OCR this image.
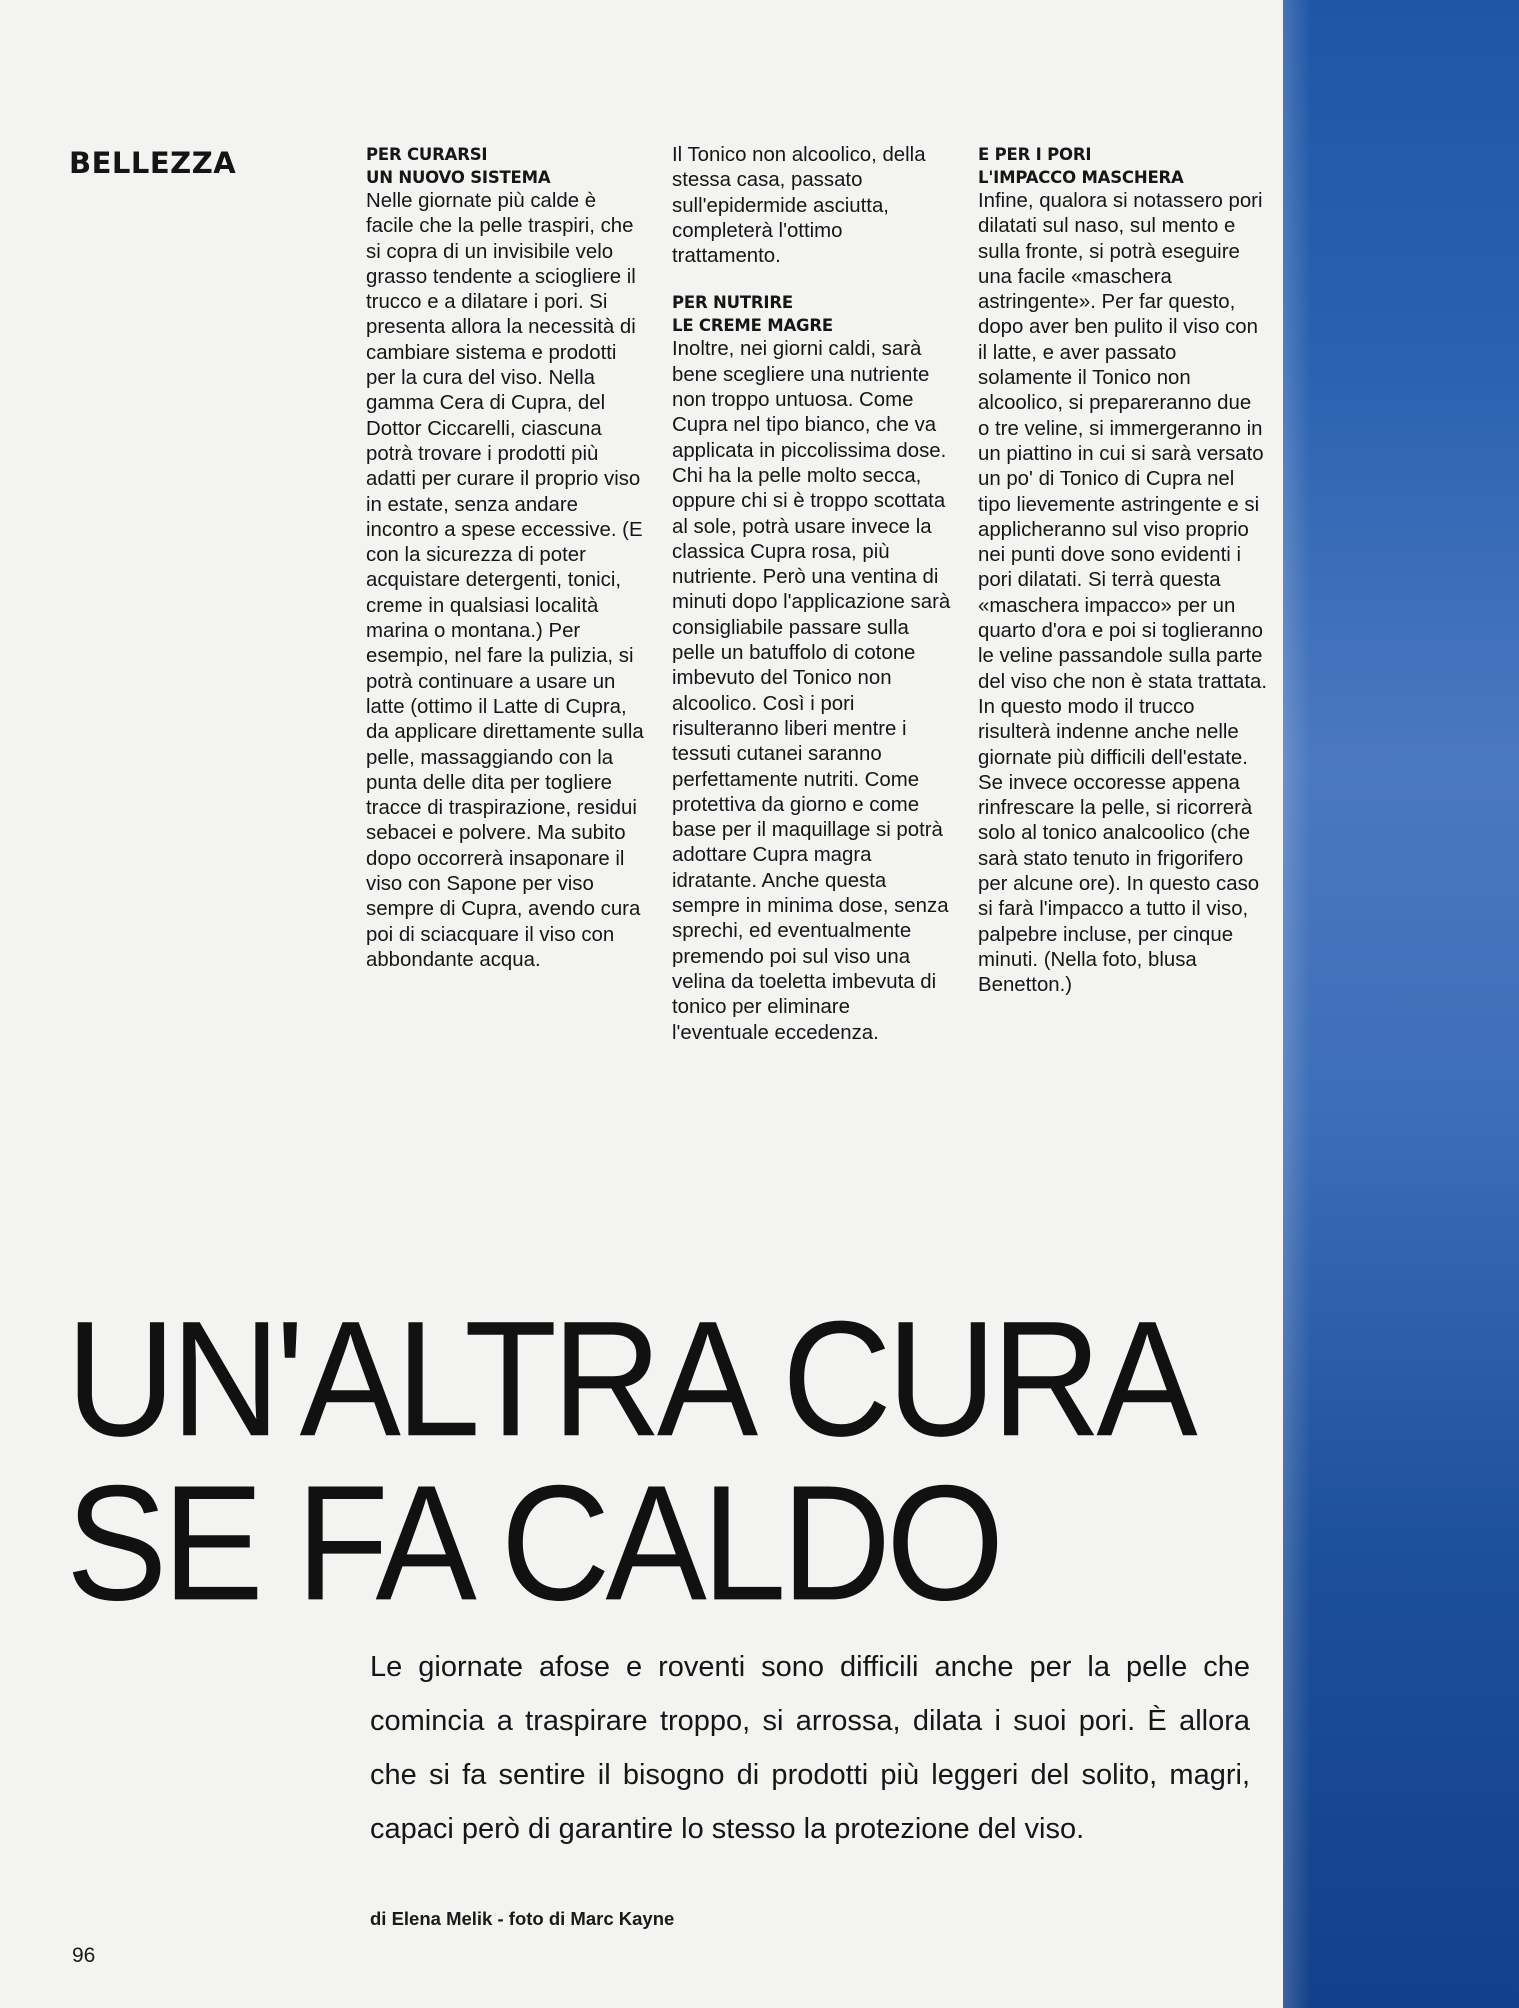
BELLEZZA	PER CURARSI
UN NUOVO SISTEMA

Nelle giornate più calde è facile che la pelle traspiri, che si copra di un invisibile velo grasso tendente a sciogliere il trucco e a dilatare i pori. Si presenta allora la necessità di cambiare sistema e prodotti per la cura del viso. Nella gamma Cera di Cupra, del Dottor Ciccarelli, ciascuna potrà trovare i prodotti più adatti per curare il proprio viso in estate, senza andare incontro a spese eccessive. (E con la sicurezza di poter acquistare detergenti, tonici, creme in qualsiasi località marina o montana.) Per esempio, nel fare la pulizia, si potrà continuare a usare un latte (ottimo il Latte di Cupra, da applicare direttamente sulla pelle, massaggiando con la punta delle dita per togliere tracce di traspirazione, residui sebacei e polvere. Ma subito dopo occorrerà insaponare il viso con Sapone per viso sempre di Cupra, avendo cura poi di sciacquare il viso con abbondante acqua.

Il Tonico non alcoolico, della stessa casa, passato sull'epidermide asciutta, completerà l'ottimo trattamento.

PER NUTRIRE
LE CREME MAGRE

Inoltre, nei giorni caldi, sarà bene scegliere una nutriente non troppo untuosa. Come Cupra nel tipo bianco, che va applicata in piccolissima dose. Chi ha la pelle molto secca, oppure chi si è troppo scottata al sole, potrà usare invece la classica Cupra rosa, più nutriente. Però una ventina di minuti dopo l'applicazione sarà consigliabile passare sulla pelle un batuffolo di cotone imbevuto del Tonico non alcoolico. Così i pori risulteranno liberi mentre i tessuti cutanei saranno perfettamente nutriti. Come protettiva da giorno e come base per il maquillage si potrà adottare Cupra magra idratante. Anche questa sempre in minima dose, senza sprechi, ed eventualmente premendo poi sul viso una velina da toeletta imbevuta di tonico per eliminare l'eventuale eccedenza.

E PER I PORI
L'IMPACCO MASCHERA

Infine, qualora si notassero pori dilatati sul naso, sul mento e sulla fronte, si potrà eseguire una facile «maschera astringente». Per far questo, dopo aver ben pulito il viso con il latte, e aver passato solamente il Tonico non alcoolico, si prepareranno due o tre veline, si immergeranno in un piattino in cui si sarà versato un po' di Tonico di Cupra nel tipo lievemente astringente e si applicheranno sul viso proprio nei punti dove sono evidenti i pori dilatati. Si terrà questa «maschera impacco» per un quarto d'ora e poi si toglieranno le veline passandole sulla parte del viso che non è stata trattata.

In questo modo il trucco risulterà indenne anche nelle giornate più difficili dell'estate. Se invece occoresse appena rinfrescare la pelle, si ricorrerà solo al tonico analcoolico (che sarà stato tenuto in frigorifero per alcune ore). In questo caso si farà l'impacco a tutto il viso, palpebre incluse, per cinque minuti. (Nella foto, blusa Benetton.)

UN'ALTRA CURA
SE FA CALDO

Le giornate afose e roventi sono difficili anche per la pelle che comincia a traspirare troppo, si arrossa, dilata i suoi pori. È allora che si fa sentire il bisogno di prodotti più leggeri del solito, magri, capaci però di garantire lo stesso la protezione del viso.

di Elena Melik - foto di Marc Kayne

96
